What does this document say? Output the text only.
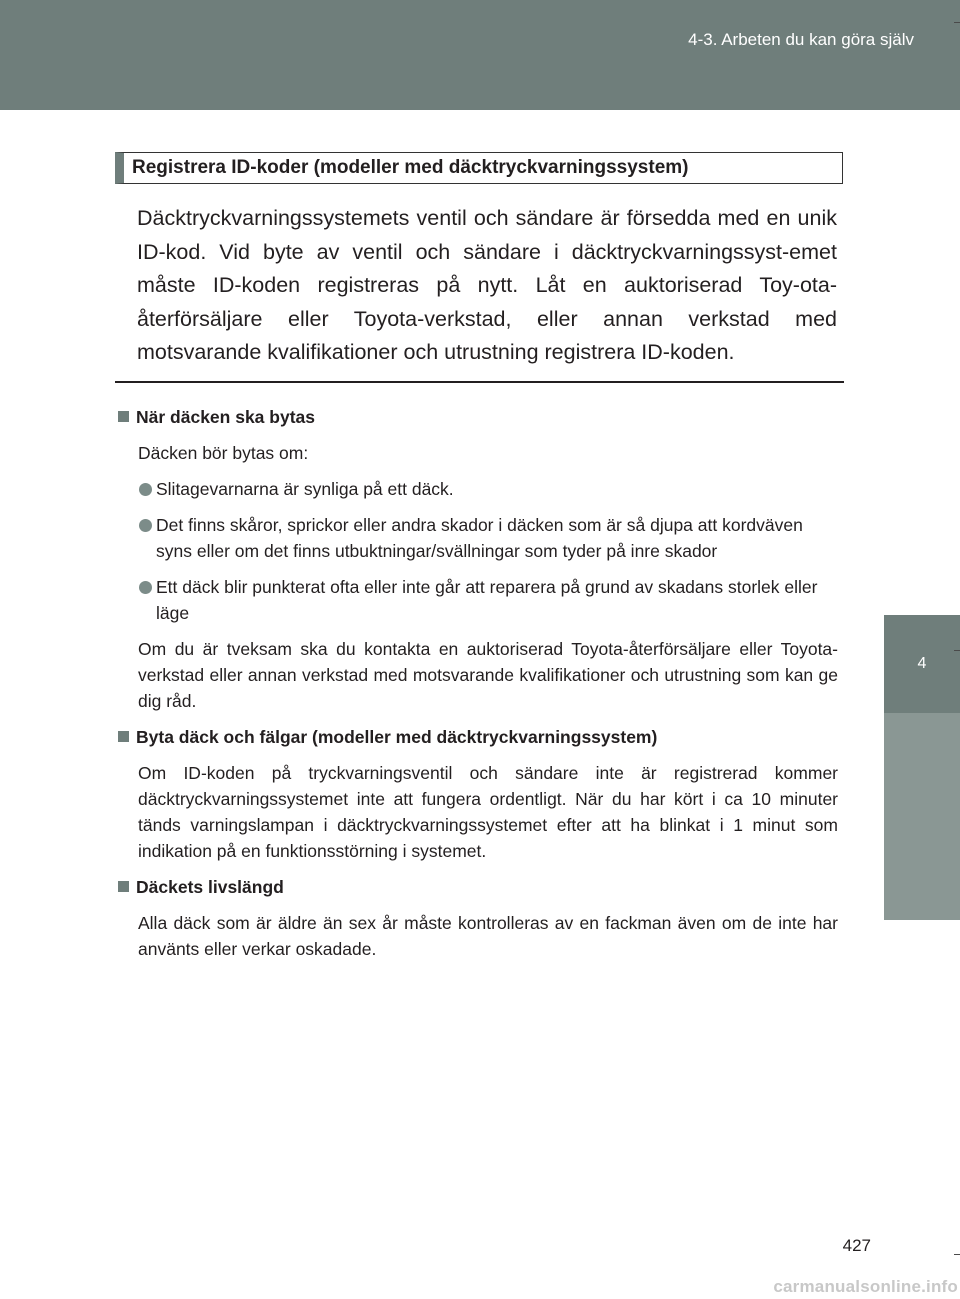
4-3. Arbeten du kan göra själv
4
Underhåll och skötsel
Registrera ID-koder (modeller med däcktryckvarningssystem)
Däcktryckvarningssystemets ventil och sändare är försedda med en unik ID-kod. Vid byte av ventil och sändare i däcktryckvarningssyst-emet måste ID-koden registreras på nytt. Låt en auktoriserad Toy-ota-återförsäljare eller Toyota-verkstad, eller annan verkstad med motsvarande kvalifikationer och utrustning registrera ID-koden.
När däcken ska bytas
Däcken bör bytas om:
Slitagevarnarna är synliga på ett däck.
Det finns skåror, sprickor eller andra skador i däcken som är så djupa att kordväven syns eller om det finns utbuktningar/svällningar som tyder på inre skador
Ett däck blir punkterat ofta eller inte går att reparera på grund av skadans storlek eller läge
Om du är tveksam ska du kontakta en auktoriserad Toyota-återförsäljare eller Toyota-verkstad eller annan verkstad med motsvarande kvalifikationer och utrustning som kan ge dig råd.
Byta däck och fälgar (modeller med däcktryckvarningssystem)
Om ID-koden på tryckvarningsventil och sändare inte är registrerad kommer däcktryckvarningssystemet inte att fungera ordentligt. När du har kört i ca 10 minuter tänds varningslampan i däcktryckvarningssystemet efter att ha blinkat i 1 minut som indikation på en funktionsstörning i systemet.
Däckets livslängd
Alla däck som är äldre än sex år måste kontrolleras av en fackman även om de inte har använts eller verkar oskadade.
427
carmanualsonline.info
